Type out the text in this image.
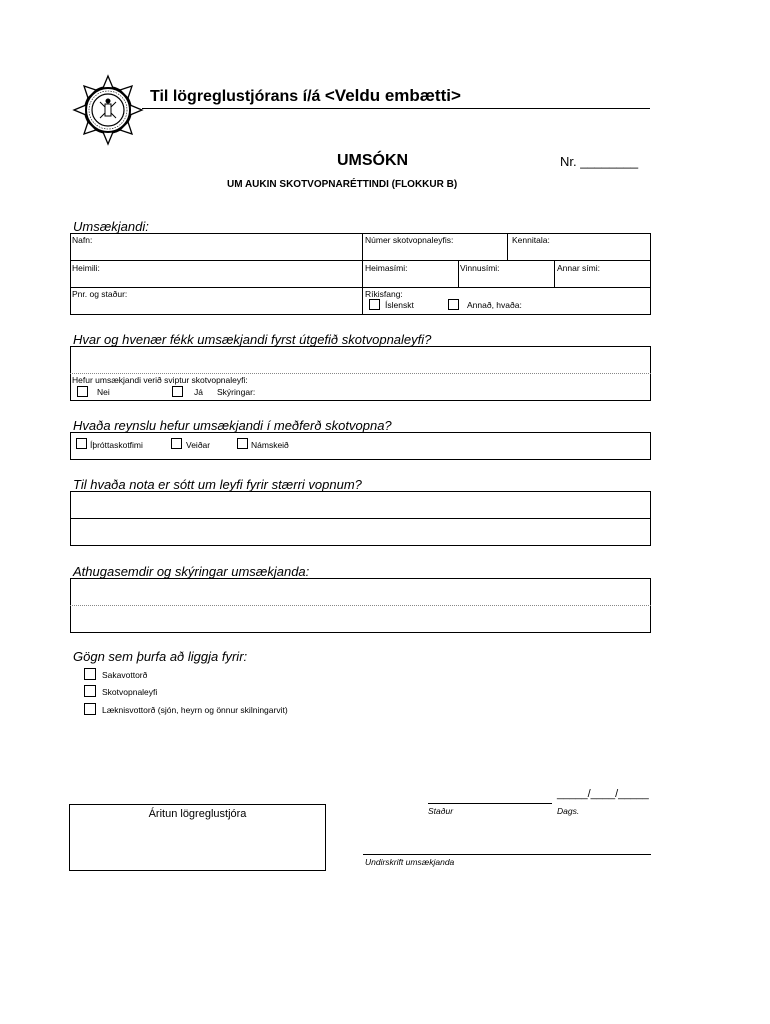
Til lögreglustjórans í/á <Veldu embætti>
UMSÓKN	Nr. ________
UM AUKIN SKOTVOPNARÉTTINDI (FLOKKUR B)
Umsækjandi:
Nafn:	Númer skotvopnaleyfis:	Kennitala:
Heimili:	Heimasími:	Vinnusími:	Annar sími:
Pnr. og staður:	Ríkisfang:
Íslenskt	Annað, hvaða:
Hvar og hvenær fékk umsækjandi fyrst útgefið skotvopnaleyfi?
Hefur umsækjandi verið sviptur skotvopnaleyfi:
Nei	Já Skýringar:
Hvaða reynslu hefur umsækjandi í meðferð skotvopna?
Íþróttaskotfimi	Veiðar	Námskeið
Til hvaða nota er sótt um leyfi fyrir stærri vopnum?
Athugasemdir og skýringar umsækjanda:
Gögn sem þurfa að liggja fyrir:
Sakavottorð
Skotvopnaleyfi
Læknisvottorð (sjón, heyrn og önnur skilningarvit)
Áritun lögreglustjóra
_____/____/_____
Staður	Dags.
Undirskrift umsækjanda
